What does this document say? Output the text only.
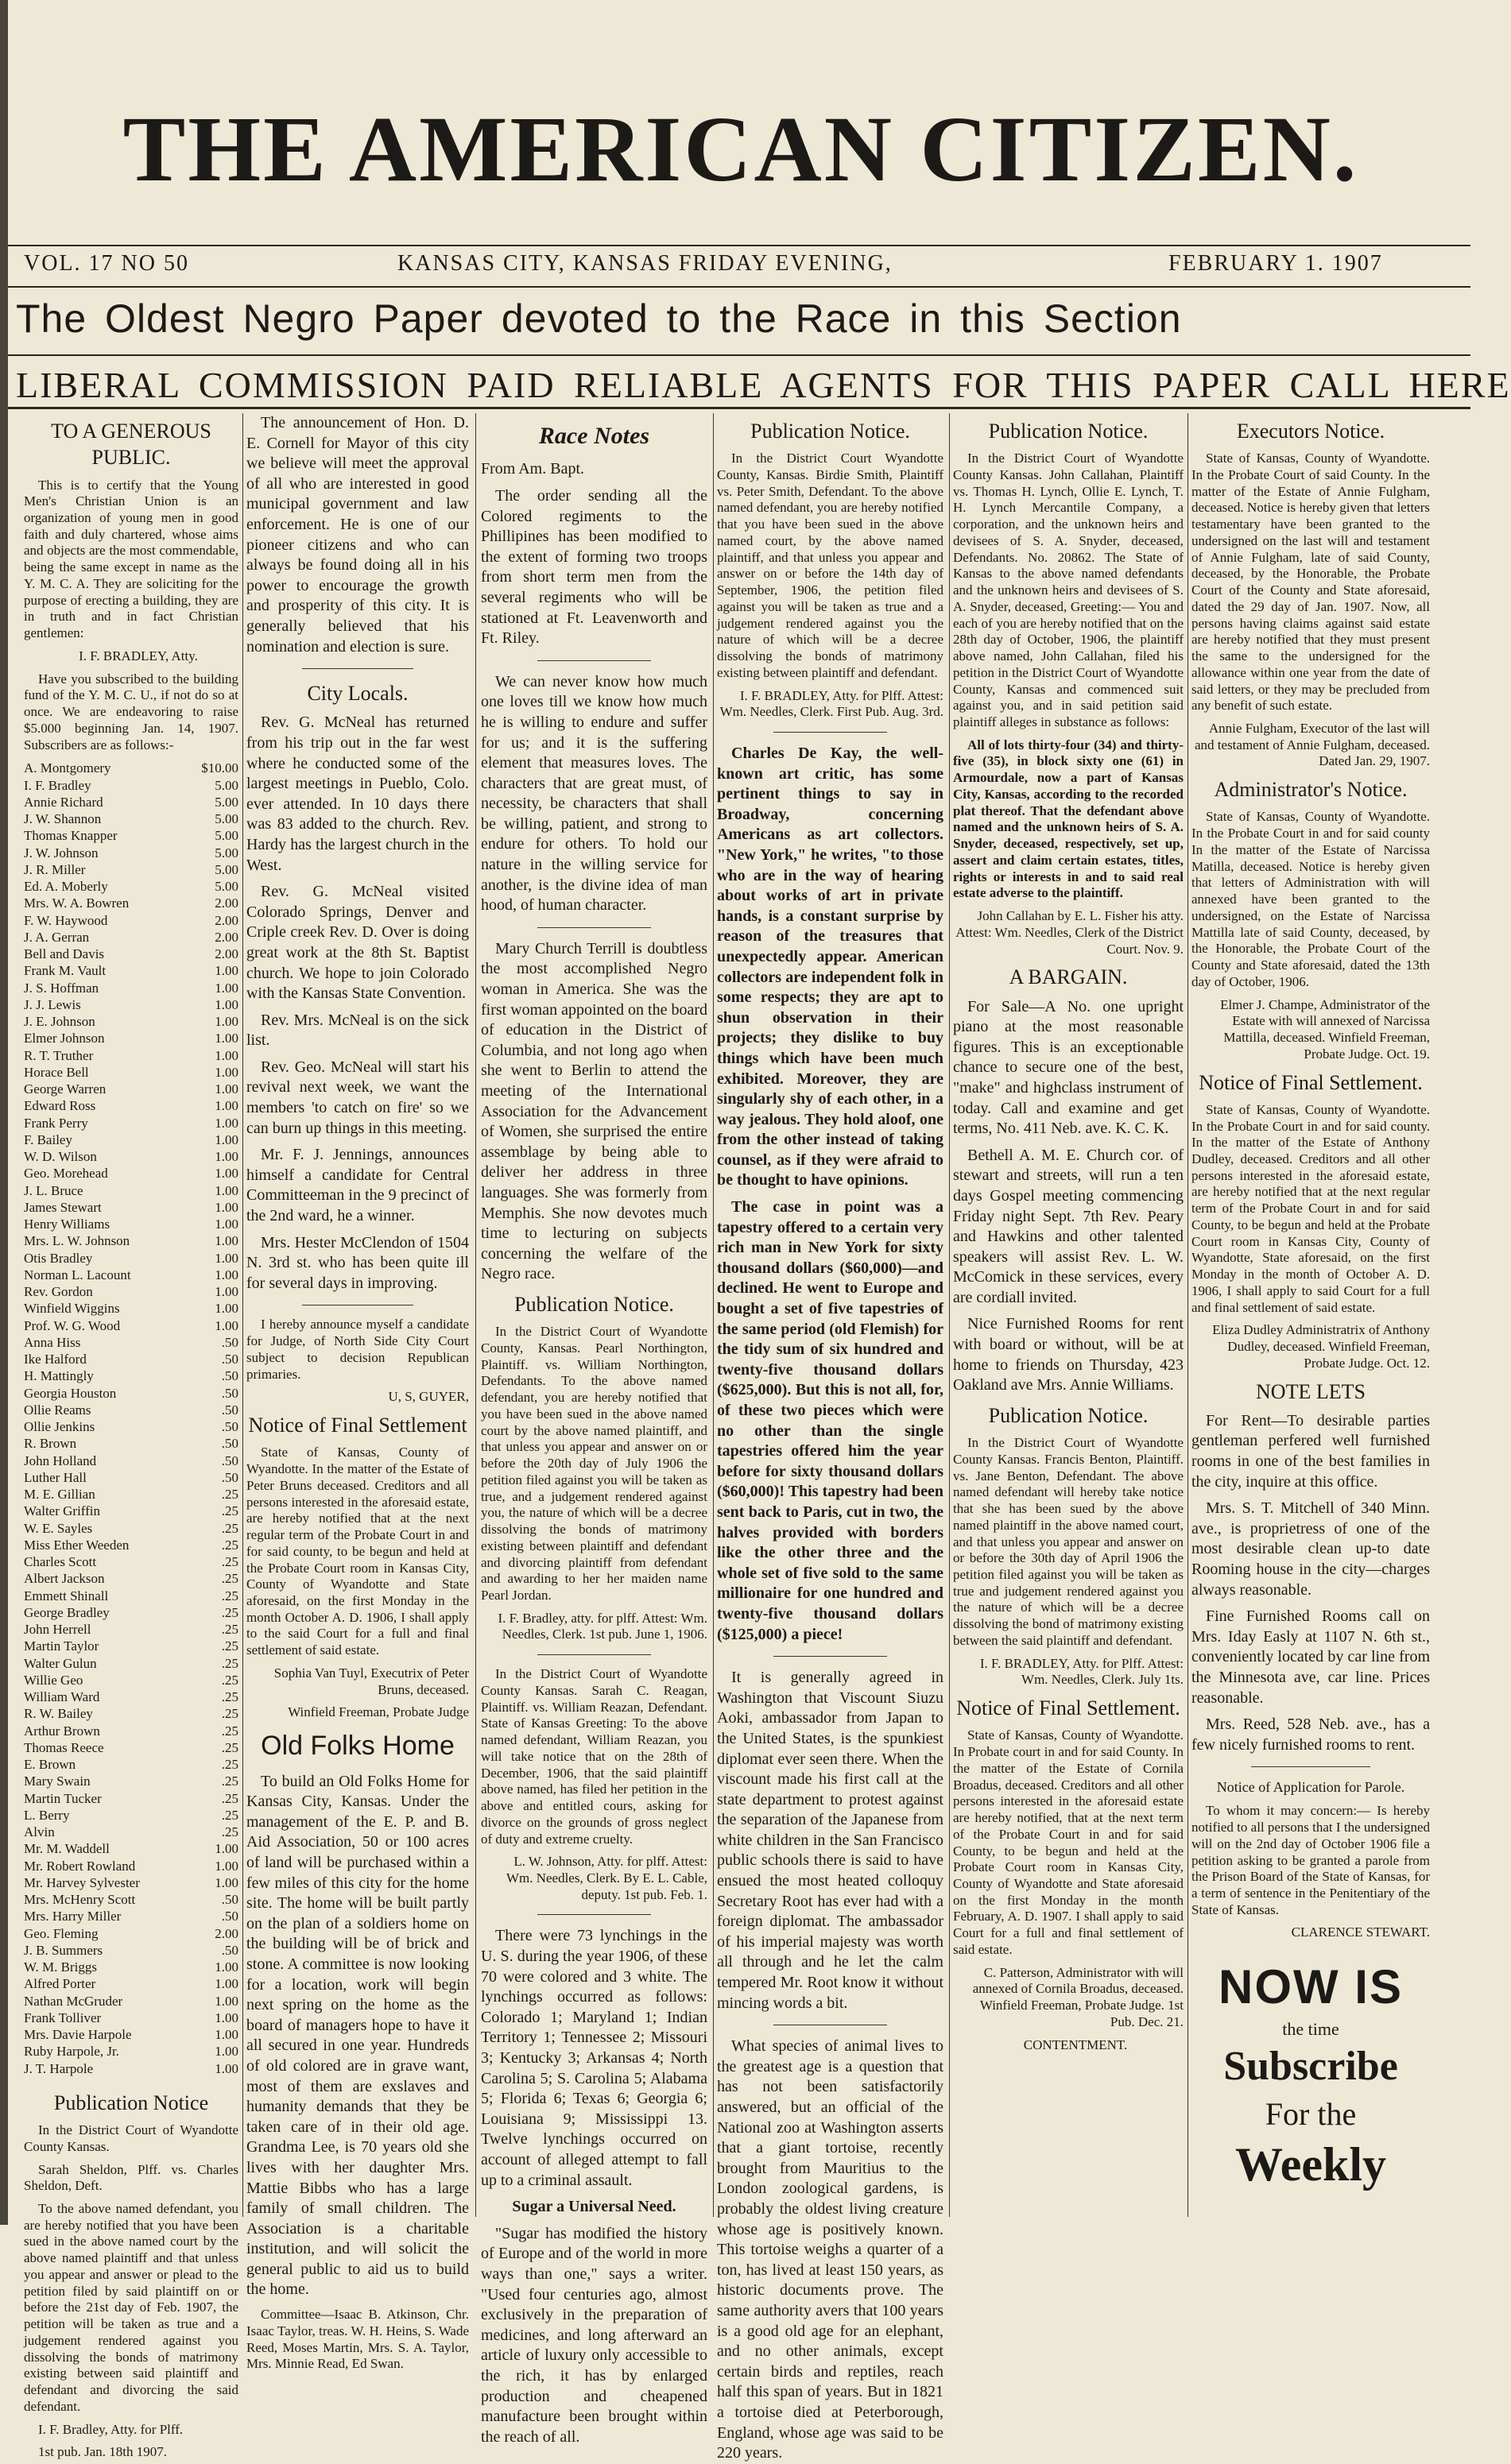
THE AMERICAN CITIZEN.
VOL. 17 NO 50	KANSAS CITY, KANSAS FRIDAY EVENING,	FEBRUARY 1. 1907
The Oldest Negro Paper devoted to the Race in this Section
LIBERAL COMMISSION PAID RELIABLE AGENTS FOR THIS PAPER CALL HERE
TO A GENEROUS PUBLIC.

This is to certify that the Young Men's Christian Union is an organization of young men in good faith and duly chartered, whose aims and objects are the most commendable, being the same except in name as the Y. M. C. A. They are soliciting for the purpose of erecting a building, they are in truth and in fact Christian gentlemen:

I. F. BRADLEY, Atty.

Have you subscribed to the building fund of the Y. M. C. U., if not do so at once. We are endeavoring to raise $5.000 beginning Jan. 14, 1907. Subscribers are as follows:-

A. Montgomery	$10.00
I. F. Bradley	5.00
Annie Richard	5.00
J. W. Shannon	5.00
Thomas Knapper	5.00
J. W. Johnson	5.00
J. R. Miller	5.00
Ed. A. Moberly	5.00
Mrs. W. A. Bowren	2.00
F. W. Haywood	2.00
J. A. Gerran	2.00
Bell and Davis	2.00
Frank M. Vault	1.00
J. S. Hoffman	1.00
J. J. Lewis	1.00
J. E. Johnson	1.00
Elmer Johnson	1.00
R. T. Truther	1.00
Horace Bell	1.00
George Warren	1.00
Edward Ross	1.00
Frank Perry	1.00
F. Bailey	1.00
W. D. Wilson	1.00
Geo. Morehead	1.00
J. L. Bruce	1.00
James Stewart	1.00
Henry Williams	1.00
Mrs. L. W. Johnson	1.00
Otis Bradley	1.00
Norman L. Lacount	1.00
Rev. Gordon	1.00
Winfield Wiggins	1.00
Prof. W. G. Wood	1.00
Anna Hiss	.50
Ike Halford	.50
H. Mattingly	.50
Georgia Houston	.50
Ollie Reams	.50
Ollie Jenkins	.50
R. Brown	.50
John Holland	.50
Luther Hall	.50
M. E. Gillian	.25
Walter Griffin	.25
W. E. Sayles	.25
Miss Ether Weeden	.25
Charles Scott	.25
Albert Jackson	.25
Emmett Shinall	.25
George Bradley	.25
John Herrell	.25
Martin Taylor	.25
Walter Gulun	.25
Willie Geo	.25
William Ward	.25
R. W. Bailey	.25
Arthur Brown	.25
Thomas Reece	.25
E. Brown	.25
Mary Swain	.25
Martin Tucker	.25
L. Berry	.25
Alvin	.25
Mr. M. Waddell	1.00
Mr. Robert Rowland	1.00
Mr. Harvey Sylvester	1.00
Mrs. McHenry Scott	.50
Mrs. Harry Miller	.50
Geo. Fleming	2.00
J. B. Summers	.50
W. M. Briggs	1.00
Alfred Porter	1.00
Nathan McGruder	1.00
Frank Tolliver	1.00
Mrs. Davie Harpole	1.00
Ruby Harpole, Jr.	1.00
J. T. Harpole	1.00
Publication Notice

In the District Court of Wyandotte County Kansas.

Sarah Sheldon, Plff. vs. Charles Sheldon, Deft.

To the above named defendant, you are hereby notified that you have been sued in the above named court by the above named plaintiff and that unless you appear and answer or plead to the petition filed by said plaintiff on or before the 21st day of Feb. 1907, the petition will be taken as true and a judgement rendered against you dissolving the bonds of matrimony existing between said plaintiff and defendant and divorcing the said defendant.

I. F. Bradley, Atty. for Plff.

1st pub. Jan. 18th 1907.

The announcement of Hon. D. E. Cornell for Mayor of this city we believe will meet the approval of all who are interested in good municipal government and law enforcement. He is one of our pioneer citizens and who can always be found doing all in his power to encourage the growth and prosperity of this city. It is generally believed that his nomination and election is sure.

City Locals.

Rev. G. McNeal has returned from his trip out in the far west where he conducted some of the largest meetings in Pueblo, Colo. ever attended. In 10 days there was 83 added to the church. Rev. Hardy has the largest church in the West.

Rev. G. McNeal visited Colorado Springs, Denver and Criple creek Rev. D. Over is doing great work at the 8th St. Baptist church. We hope to join Colorado with the Kansas State Convention.

Rev. Mrs. McNeal is on the sick list.

Rev. Geo. McNeal will start his revival next week, we want the members 'to catch on fire' so we can burn up things in this meeting.

Mr. F. J. Jennings, announces himself a candidate for Central Committeeman in the 9 precinct of the 2nd ward, he a winner.

Mrs. Hester McClendon of 1504 N. 3rd st. who has been quite ill for several days in improving.

I hereby announce myself a candidate for Judge, of North Side City Court subject to decision Republican primaries.

U, S, GUYER,

Notice of Final Settlement

State of Kansas, County of Wyandotte. In the matter of the Estate of Peter Bruns deceased. Creditors and all persons interested in the aforesaid estate, are hereby notified that at the next regular term of the Probate Court in and for said county, to be begun and held at the Probate Court room in Kansas City, County of Wyandotte and State aforesaid, on the first Monday in the month October A. D. 1906, I shall apply to the said Court for a full and final settlement of said estate.

Sophia Van Tuyl, Executrix of Peter Bruns, deceased.

Winfield Freeman, Probate Judge

Old Folks Home

To build an Old Folks Home for Kansas City, Kansas. Under the management of the E. P. and B. Aid Association, 50 or 100 acres of land will be purchased within a few miles of this city for the home site. The home will be built partly on the plan of a soldiers home on the building will be of brick and stone. A committee is now looking for a location, work will begin next spring on the home as the board of managers hope to have it all secured in one year. Hundreds of old colored are in grave want, most of them are exslaves and humanity demands that they be taken care of in their old age. Grandma Lee, is 70 years old she lives with her daughter Mrs. Mattie Bibbs who has a large family of small children. The Association is a charitable institution, and will solicit the general public to aid us to build the home.

Committee—Isaac B. Atkinson, Chr. Isaac Taylor, treas. W. H. Heins, S. Wade Reed, Moses Martin, Mrs. S. A. Taylor, Mrs. Minnie Read, Ed Swan.

Race Notes

From Am. Bapt.

The order sending all the Colored regiments to the Phillipines has been modified to the extent of forming two troops from short term men from the several regiments who will be stationed at Ft. Leavenworth and Ft. Riley.

We can never know how much one loves till we know how much he is willing to endure and suffer for us; and it is the suffering element that measures loves. The characters that are great must, of necessity, be characters that shall be willing, patient, and strong to endure for others. To hold our nature in the willing service for another, is the divine idea of man hood, of human character.

Mary Church Terrill is doubtless the most accomplished Negro woman in America. She was the first woman appointed on the board of education in the District of Columbia, and not long ago when she went to Berlin to attend the meeting of the International Association for the Advancement of Women, she surprised the entire assemblage by being able to deliver her address in three languages. She was formerly from Memphis. She now devotes much time to lecturing on subjects concerning the welfare of the Negro race.

Publication Notice.

In the District Court of Wyandotte County, Kansas. Pearl Northington, Plaintiff. vs. William Northington, Defendants. To the above named defendant, you are hereby notified that you have been sued in the above named court by the above named plaintiff, and that unless you appear and answer on or before the 20th day of July 1906 the petition filed against you will be taken as true, and a judgement rendered against you, the nature of which will be a decree dissolving the bonds of matrimony existing between plaintiff and defendant and divorcing plaintiff from defendant and awarding to her her maiden name Pearl Jordan.

I. F. Bradley, atty. for plff. Attest: Wm. Needles, Clerk. 1st pub. June 1, 1906.

In the District Court of Wyandotte County Kansas. Sarah C. Reagan, Plaintiff. vs. William Reazan, Defendant. State of Kansas Greeting: To the above named defendant, William Reazan, you will take notice that on the 28th of December, 1906, that the said plaintiff above named, has filed her petition in the above and entitled cours, asking for divorce on the grounds of gross neglect of duty and extreme cruelty.

L. W. Johnson, Atty. for plff. Attest: Wm. Needles, Clerk. By E. L. Cable, deputy. 1st pub. Feb. 1.

There were 73 lynchings in the U. S. during the year 1906, of these 70 were colored and 3 white. The lynchings occurred as follows: Colorado 1; Maryland 1; Indian Territory 1; Tennessee 2; Missouri 3; Kentucky 3; Arkansas 4; North Carolina 5; S. Carolina 5; Alabama 5; Florida 6; Texas 6; Georgia 6; Louisiana 9; Mississippi 13. Twelve lynchings occurred on account of alleged attempt to fall up to a criminal assault.

Sugar a Universal Need.

"Sugar has modified the history of Europe and of the world in more ways than one," says a writer. "Used four centuries ago, almost exclusively in the preparation of medicines, and long afterward an article of luxury only accessible to the rich, it has by enlarged production and cheapened manufacture been brought within the reach of all.

Publication Notice.

In the District Court Wyandotte County, Kansas. Birdie Smith, Plaintiff vs. Peter Smith, Defendant. To the above named defendant, you are hereby notified that you have been sued in the above named court, by the above named plaintiff, and that unless you appear and answer on or before the 14th day of September, 1906, the petition filed against you will be taken as true and a judgement rendered against you the nature of which will be a decree dissolving the bonds of matrimony existing between plaintiff and defendant.

I. F. BRADLEY, Atty. for Plff. Attest: Wm. Needles, Clerk. First Pub. Aug. 3rd.

Charles De Kay, the well-known art critic, has some pertinent things to say in Broadway, concerning Americans as art collectors. "New York," he writes, "to those who are in the way of hearing about works of art in private hands, is a constant surprise by reason of the treasures that unexpectedly appear. American collectors are independent folk in some respects; they are apt to shun observation in their projects; they dislike to buy things which have been much exhibited. Moreover, they are singularly shy of each other, in a way jealous. They hold aloof, one from the other instead of taking counsel, as if they were afraid to be thought to have opinions.

The case in point was a tapestry offered to a certain very rich man in New York for sixty thousand dollars ($60,000)—and declined. He went to Europe and bought a set of five tapestries of the same period (old Flemish) for the tidy sum of six hundred and twenty-five thousand dollars ($625,000). But this is not all, for, of these two pieces which were no other than the single tapestries offered him the year before for sixty thousand dollars ($60,000)! This tapestry had been sent back to Paris, cut in two, the halves provided with borders like the other three and the whole set of five sold to the same millionaire for one hundred and twenty-five thousand dollars ($125,000) a piece!

It is generally agreed in Washington that Viscount Siuzu Aoki, ambassador from Japan to the United States, is the spunkiest diplomat ever seen there. When the viscount made his first call at the state department to protest against the separation of the Japanese from white children in the San Francisco public schools there is said to have ensued the most heated colloquy Secretary Root has ever had with a foreign diplomat. The ambassador of his imperial majesty was worth all through and he let the calm tempered Mr. Root know it without mincing words a bit.

What species of animal lives to the greatest age is a question that has not been satisfactorily answered, but an official of the National zoo at Washington asserts that a giant tortoise, recently brought from Mauritius to the London zoological gardens, is probably the oldest living creature whose age is positively known. This tortoise weighs a quarter of a ton, has lived at least 150 years, as historic documents prove. The same authority avers that 100 years is a good old age for an elephant, and no other animals, except certain birds and reptiles, reach half this span of years. But in 1821 a tortoise died at Peterborough, England, whose age was said to be 220 years.

Publication Notice.

In the District Court of Wyandotte County Kansas. John Callahan, Plaintiff vs. Thomas H. Lynch, Ollie E. Lynch, T. H. Lynch Mercantile Company, a corporation, and the unknown heirs and devisees of S. A. Snyder, deceased, Defendants. No. 20862. The State of Kansas to the above named defendants and the unknown heirs and devisees of S. A. Snyder, deceased, Greeting:— You and each of you are hereby notified that on the 28th day of October, 1906, the plaintiff above named, John Callahan, filed his petition in the District Court of Wyandotte County, Kansas and commenced suit against you, and in said petition said plaintiff alleges in substance as follows:

All of lots thirty-four (34) and thirty-five (35), in block sixty one (61) in Armourdale, now a part of Kansas City, Kansas, according to the recorded plat thereof. That the defendant above named and the unknown heirs of S. A. Snyder, deceased, respectively, set up, assert and claim certain estates, titles, rights or interests in and to said real estate adverse to the plaintiff.

John Callahan by E. L. Fisher his atty. Attest: Wm. Needles, Clerk of the District Court. Nov. 9.

A BARGAIN.

For Sale—A No. one upright piano at the most reasonable figures. This is an exceptionable chance to secure one of the best, "make" and highclass instrument of today. Call and examine and get terms, No. 411 Neb. ave. K. C. K.

Bethell A. M. E. Church cor. of stewart and streets, will run a ten days Gospel meeting commencing Friday night Sept. 7th Rev. Peary and Hawkins and other talented speakers will assist Rev. L. W. McComick in these services, every are cordiall invited.

Nice Furnished Rooms for rent with board or without, will be at home to friends on Thursday, 423 Oakland ave Mrs. Annie Williams.

Publication Notice.

In the District Court of Wyandotte County Kansas. Francis Benton, Plaintiff. vs. Jane Benton, Defendant. The above named defendant will hereby take notice that she has been sued by the above named plaintiff in the above named court, and that unless you appear and answer on or before the 30th day of April 1906 the petition filed against you will be taken as true and judgement rendered against you the nature of which will be a decree dissolving the bond of matrimony existing between the said plaintiff and defendant.

I. F. BRADLEY, Atty. for Plff. Attest: Wm. Needles, Clerk. July 1ts.

Notice of Final Settlement.

State of Kansas, County of Wyandotte. In Probate court in and for said County. In the matter of the Estate of Cornila Broadus, deceased. Creditors and all other persons interested in the aforesaid estate are hereby notified, that at the next term of the Probate Court in and for said County, to be begun and held at the Probate Court room in Kansas City, County of Wyandotte and State aforesaid on the first Monday in the month February, A. D. 1907. I shall apply to said Court for a full and final settlement of said estate.

C. Patterson, Administrator with will annexed of Cornila Broadus, deceased. Winfield Freeman, Probate Judge. 1st Pub. Dec. 21.

CONTENTMENT.

Executors Notice.

State of Kansas, County of Wyandotte. In the Probate Court of said County. In the matter of the Estate of Annie Fulgham, deceased. Notice is hereby given that letters testamentary have been granted to the undersigned on the last will and testament of Annie Fulgham, late of said County, deceased, by the Honorable, the Probate Court of the County and State aforesaid, dated the 29 day of Jan. 1907. Now, all persons having claims against said estate are hereby notified that they must present the same to the undersigned for the allowance within one year from the date of said letters, or they may be precluded from any benefit of such estate.

Annie Fulgham, Executor of the last will and testament of Annie Fulgham, deceased. Dated Jan. 29, 1907.

Administrator's Notice.

State of Kansas, County of Wyandotte. In the Probate Court in and for said county In the matter of the Estate of Narcissa Matilla, deceased. Notice is hereby given that letters of Administration with will annexed have been granted to the undersigned, on the Estate of Narcissa Mattilla late of said County, deceased, by the Honorable, the Probate Court of the County and State aforesaid, dated the 13th day of October, 1906.

Elmer J. Champe, Administrator of the Estate with will annexed of Narcissa Mattilla, deceased. Winfield Freeman, Probate Judge. Oct. 19.

Notice of Final Settlement.

State of Kansas, County of Wyandotte. In the Probate Court in and for said county. In the matter of the Estate of Anthony Dudley, deceased. Creditors and all other persons interested in the aforesaid estate, are hereby notified that at the next regular term of the Probate Court in and for said County, to be begun and held at the Probate Court room in Kansas City, County of Wyandotte, State aforesaid, on the first Monday in the month of October A. D. 1906, I shall apply to said Court for a full and final settlement of said estate.

Eliza Dudley Administratrix of Anthony Dudley, deceased. Winfield Freeman, Probate Judge. Oct. 12.

NOTE LETS

For Rent—To desirable parties gentleman perfered well furnished rooms in one of the best families in the city, inquire at this office.

Mrs. S. T. Mitchell of 340 Minn. ave., is proprietress of one of the most desirable clean up-to date Rooming house in the city—charges always reasonable.

Fine Furnished Rooms call on Mrs. Iday Easly at 1107 N. 6th st., conveniently located by car line from the Minnesota ave, car line. Prices reasonable.

Mrs. Reed, 528 Neb. ave., has a few nicely furnished rooms to rent.

Notice of Application for Parole.

To whom it may concern:— Is hereby notified to all persons that I the undersigned will on the 2nd day of October 1906 file a petition asking to be granted a parole from the Prison Board of the State of Kansas, for a term of sentence in the Penitentiary of the State of Kansas.

CLARENCE STEWART.

NOW IS
the time
Subscribe
For the
Weekly
